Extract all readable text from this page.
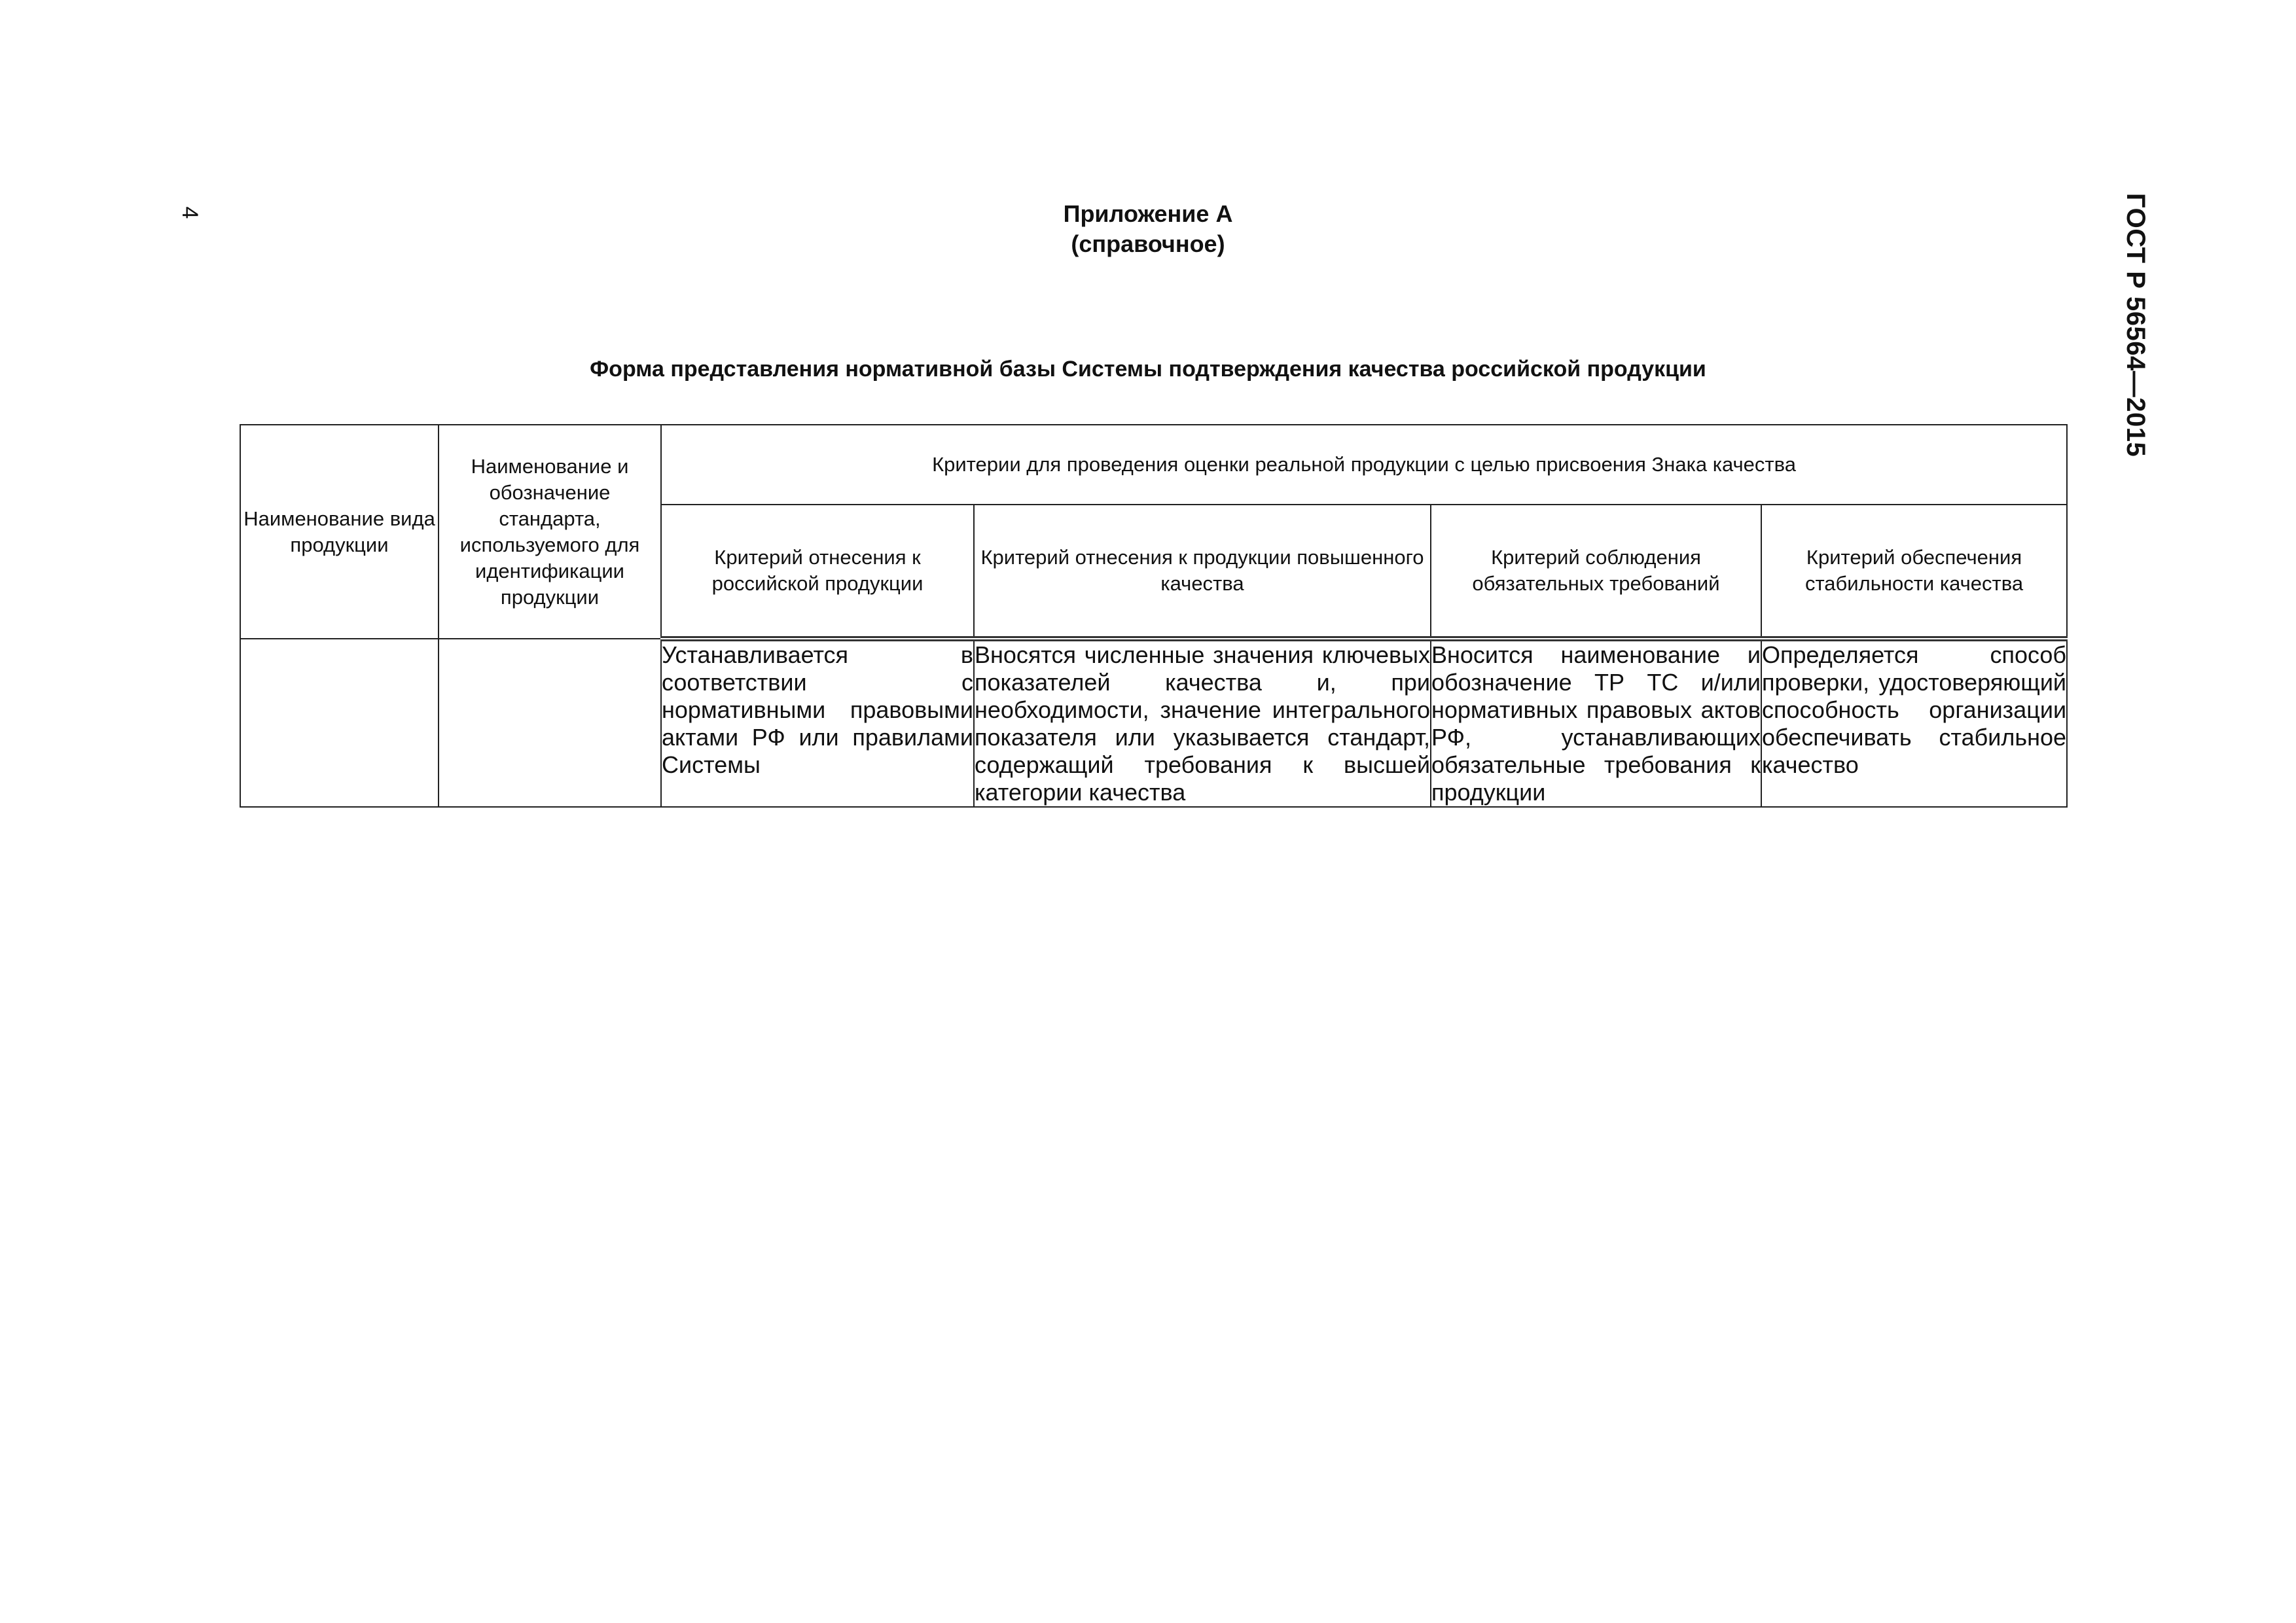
4	ГОСТ Р 56564—2015
Приложение А
(справочное)
Форма представления нормативной базы Системы подтверждения качества российской продукции
Наименование вида продукции	Наименование и обозначение стандарта, используемого для идентификации продукции	Критерии для проведения оценки реальной продукции с целью присвоения Знака качества			
		Критерий отнесения к российской продукции	Критерий отнесения к продукции повышенного качества	Критерий соблюдения обязательных требований	Критерий обеспечения стабильности качества
		Устанавливается в соответствии с нормативными правовыми актами РФ или правилами Системы	Вносятся численные значения ключевых показателей качества и, при необходимости, значение интегрального показателя или указывается стандарт, содержащий требования к высшей категории качества	Вносится наименование и обозначение ТР ТС и/или нормативных правовых актов РФ, устанавливающих обязательные требования к продукции	Определяется способ проверки, удостоверяющий способность организации обеспечивать стабильное качество
